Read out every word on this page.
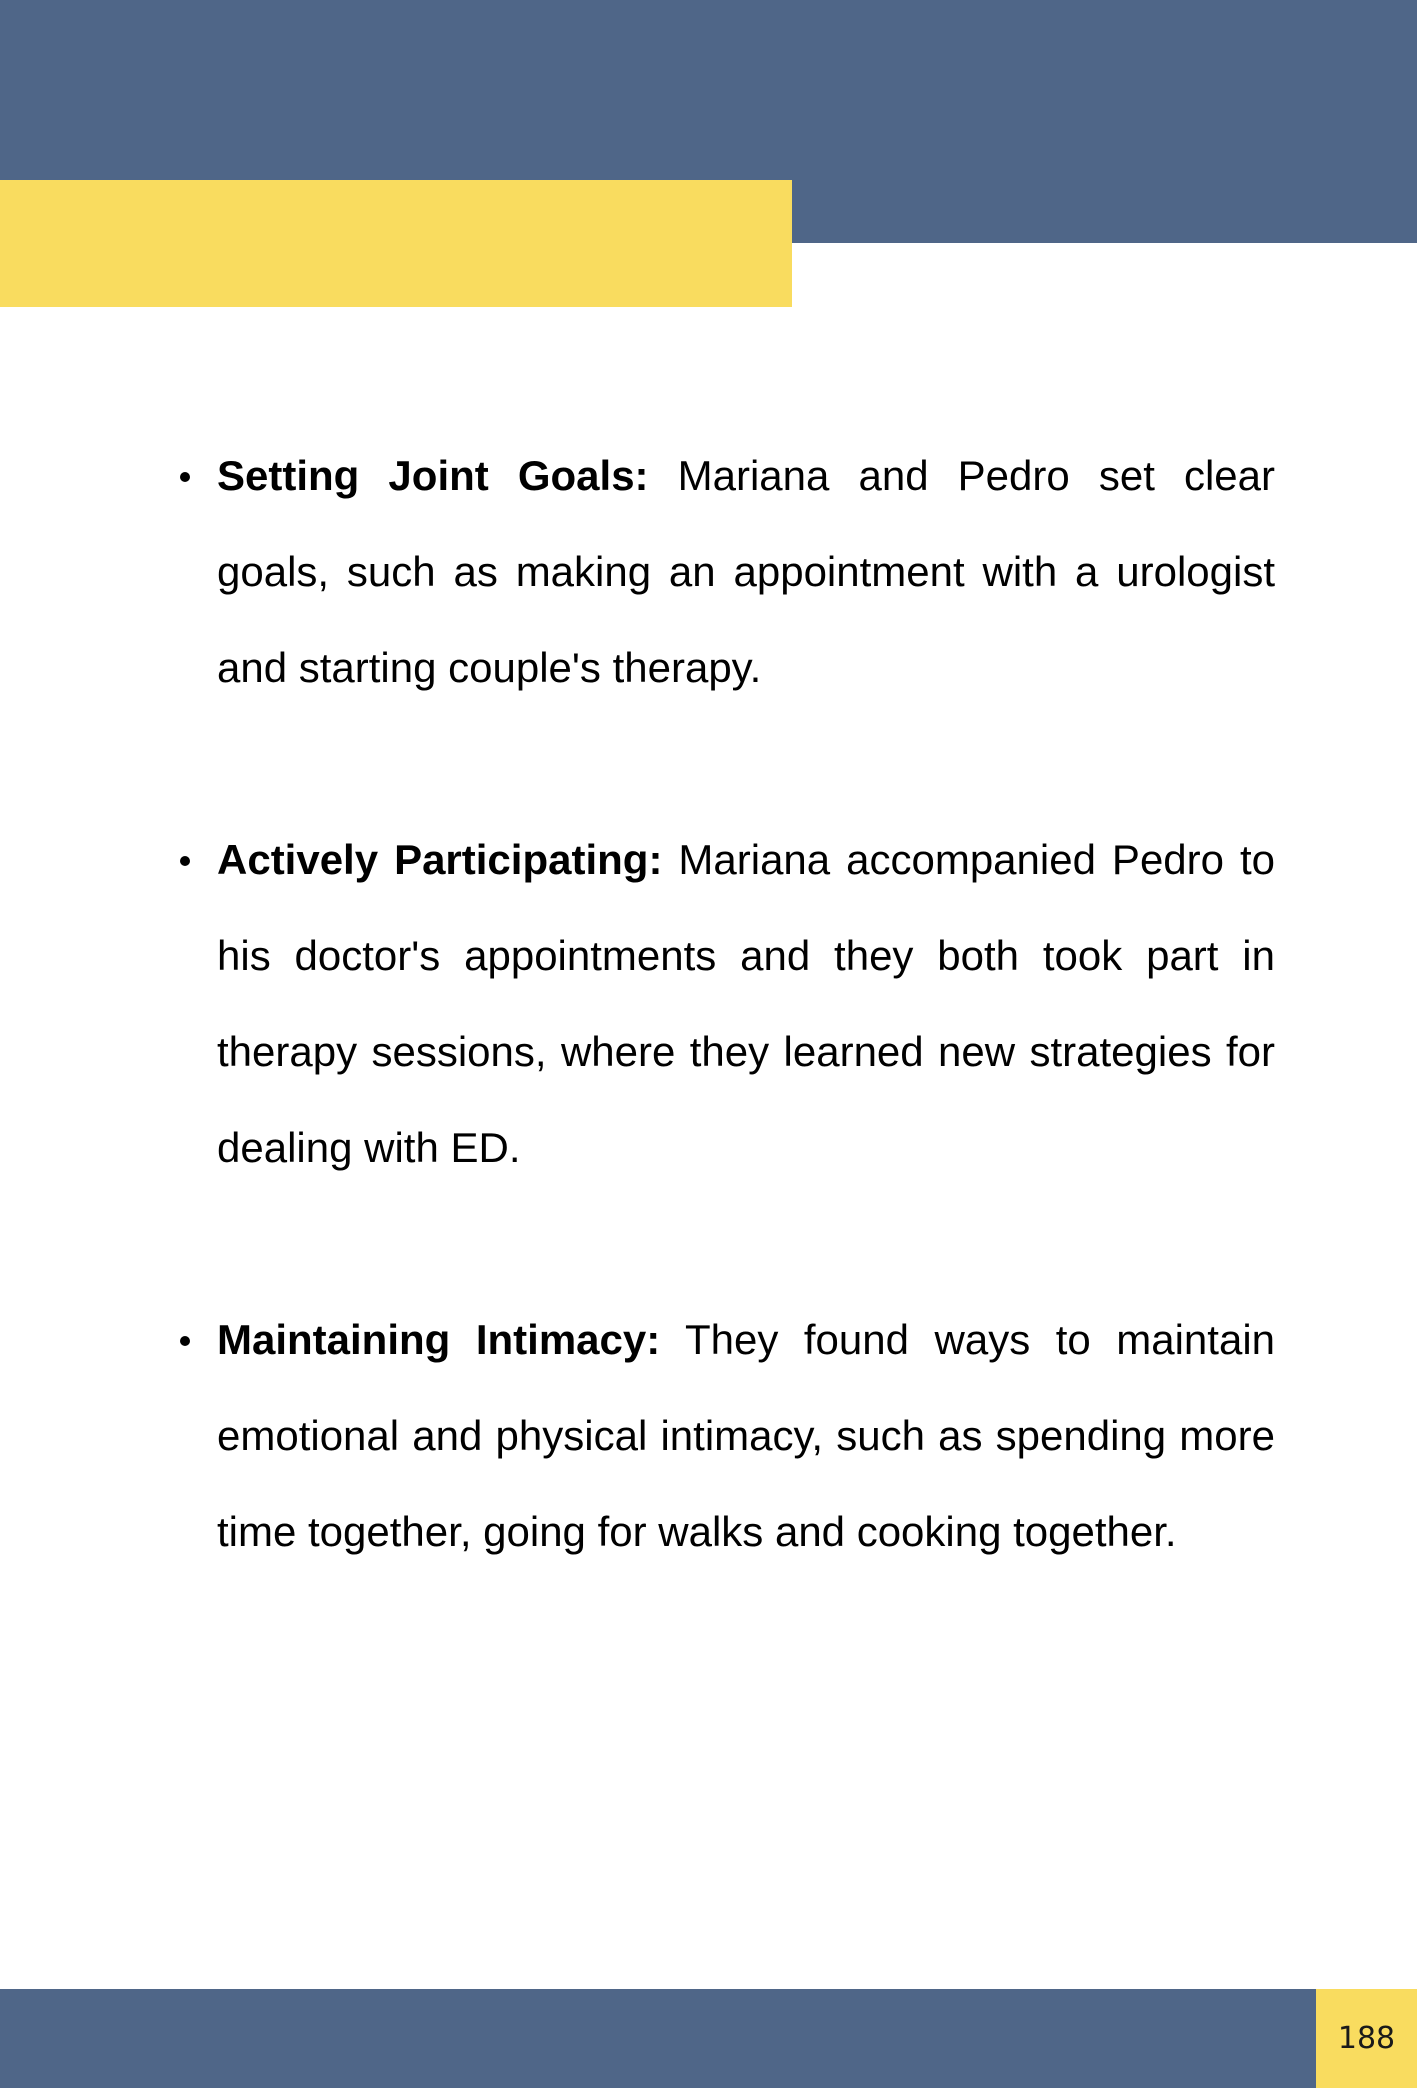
Setting Joint Goals: Mariana and Pedro set clear goals, such as making an appointment with a urologist and starting couple's therapy.
Actively Participating: Mariana accompanied Pedro to his doctor's appointments and they both took part in therapy sessions, where they learned new strategies for dealing with ED.
Maintaining Intimacy: They found ways to maintain emotional and physical intimacy, such as spending more time together, going for walks and cooking together.
188
